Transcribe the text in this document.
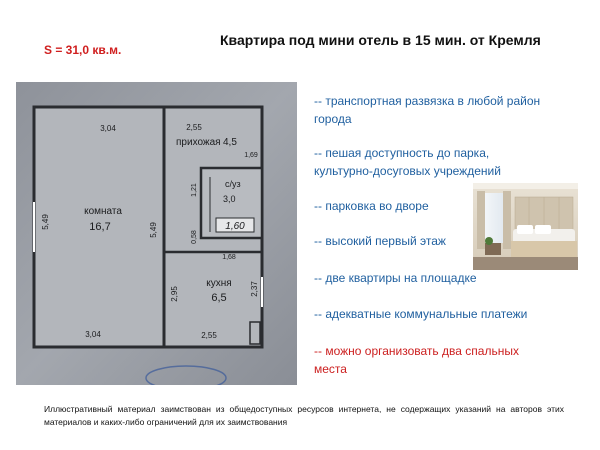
S = 31,0 кв.м.
Квартира под мини отель в 15 мин. от Кремля
3,04	2,55
прихожая 4,5
1,69
1,21	с/уз
3,0
1,60
5,49
5,49
комната
16,7
0,58
1,68
кухня
6,5
2,95	2,37
3,04	2,55
-- транспортная развязка в любой район
города
-- пешая доступность до парка,
культурно-досуговых учреждений
-- парковка во дворе
-- высокий первый этаж
-- две квартиры на площадке
-- адекватные коммунальные платежи
-- можно организовать два спальных
места
Иллюстративный материал заимствован из общедоступных ресурсов интернета, не содержащих указаний на авторов этих материалов и каких-либо ограничений для их заимствования
